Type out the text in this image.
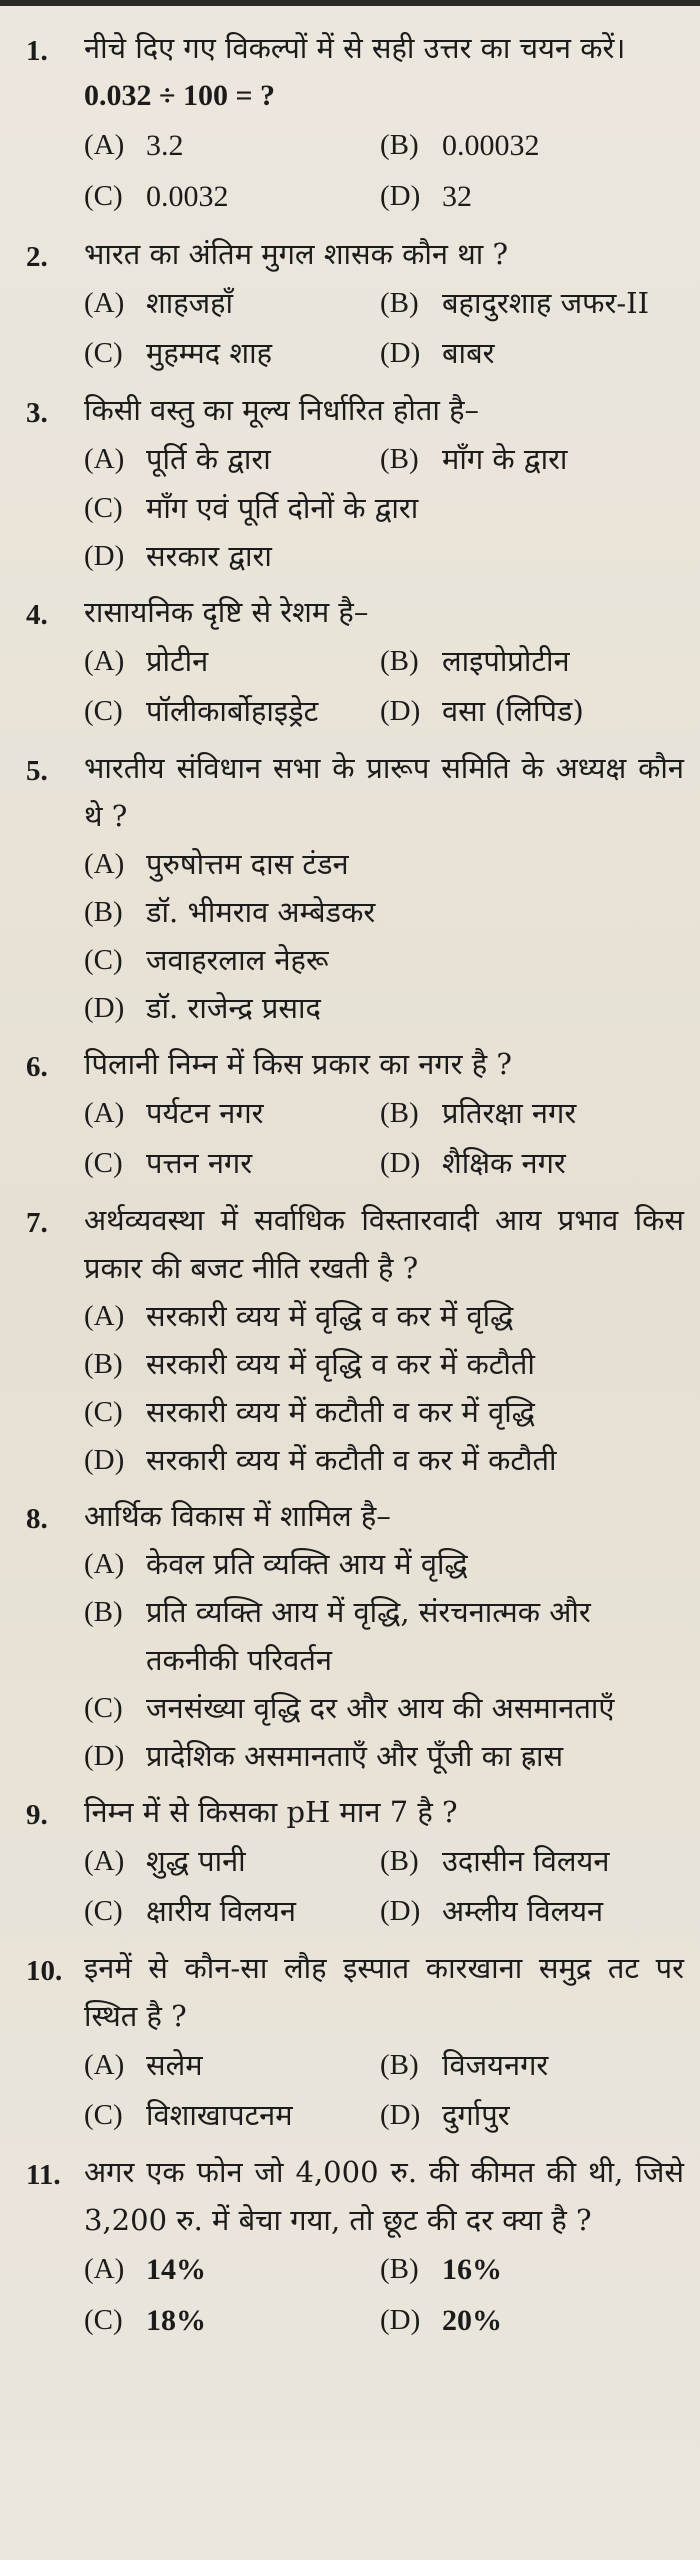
1.	नीचे दिए गए विकल्पों में से सही उत्तर का चयन करें।
0.032 ÷ 100 = ?
(A) 3.2	(B) 0.00032
(C) 0.0032	(D) 32
2.	भारत का अंतिम मुगल शासक कौन था ?
(A) शाहजहाँ	(B) बहादुरशाह जफर-II
(C) मुहम्मद शाह	(D) बाबर
3.	किसी वस्तु का मूल्य निर्धारित होता है–
(A) पूर्ति के द्वारा	(B) माँग के द्वारा
(C) माँग एवं पूर्ति दोनों के द्वारा
(D) सरकार द्वारा
4.	रासायनिक दृष्टि से रेशम है–
(A) प्रोटीन	(B) लाइपोप्रोटीन
(C) पॉलीकार्बोहाइड्रेट	(D) वसा (लिपिड)
5.	भारतीय संविधान सभा के प्रारूप समिति के अध्यक्ष कौन थे ?
(A) पुरुषोत्तम दास टंडन
(B) डॉ. भीमराव अम्बेडकर
(C) जवाहरलाल नेहरू
(D) डॉ. राजेन्द्र प्रसाद
6.	पिलानी निम्न में किस प्रकार का नगर है ?
(A) पर्यटन नगर	(B) प्रतिरक्षा नगर
(C) पत्तन नगर	(D) शैक्षिक नगर
7.	अर्थव्यवस्था में सर्वाधिक विस्तारवादी आय प्रभाव किस प्रकार की बजट नीति रखती है ?
(A) सरकारी व्यय में वृद्धि व कर में वृद्धि
(B) सरकारी व्यय में वृद्धि व कर में कटौती
(C) सरकारी व्यय में कटौती व कर में वृद्धि
(D) सरकारी व्यय में कटौती व कर में कटौती
8.	आर्थिक विकास में शामिल है–
(A) केवल प्रति व्यक्ति आय में वृद्धि
(B) प्रति व्यक्ति आय में वृद्धि, संरचनात्मक और तकनीकी परिवर्तन
(C) जनसंख्या वृद्धि दर और आय की असमानताएँ
(D) प्रादेशिक असमानताएँ और पूँजी का ह्रास
9.	निम्न में से किसका pH मान 7 है ?
(A) शुद्ध पानी	(B) उदासीन विलयन
(C) क्षारीय विलयन	(D) अम्लीय विलयन
10. इनमें से कौन-सा लौह इस्पात कारखाना समुद्र तट पर स्थित है ?
(A) सलेम	(B) विजयनगर
(C) विशाखापटनम	(D) दुर्गापुर
11. अगर एक फोन जो 4,000 रु. की कीमत की थी, जिसे 3,200 रु. में बेचा गया, तो छूट की दर क्या है ?
(A) 14%	(B) 16%
(C) 18%	(D) 20%
